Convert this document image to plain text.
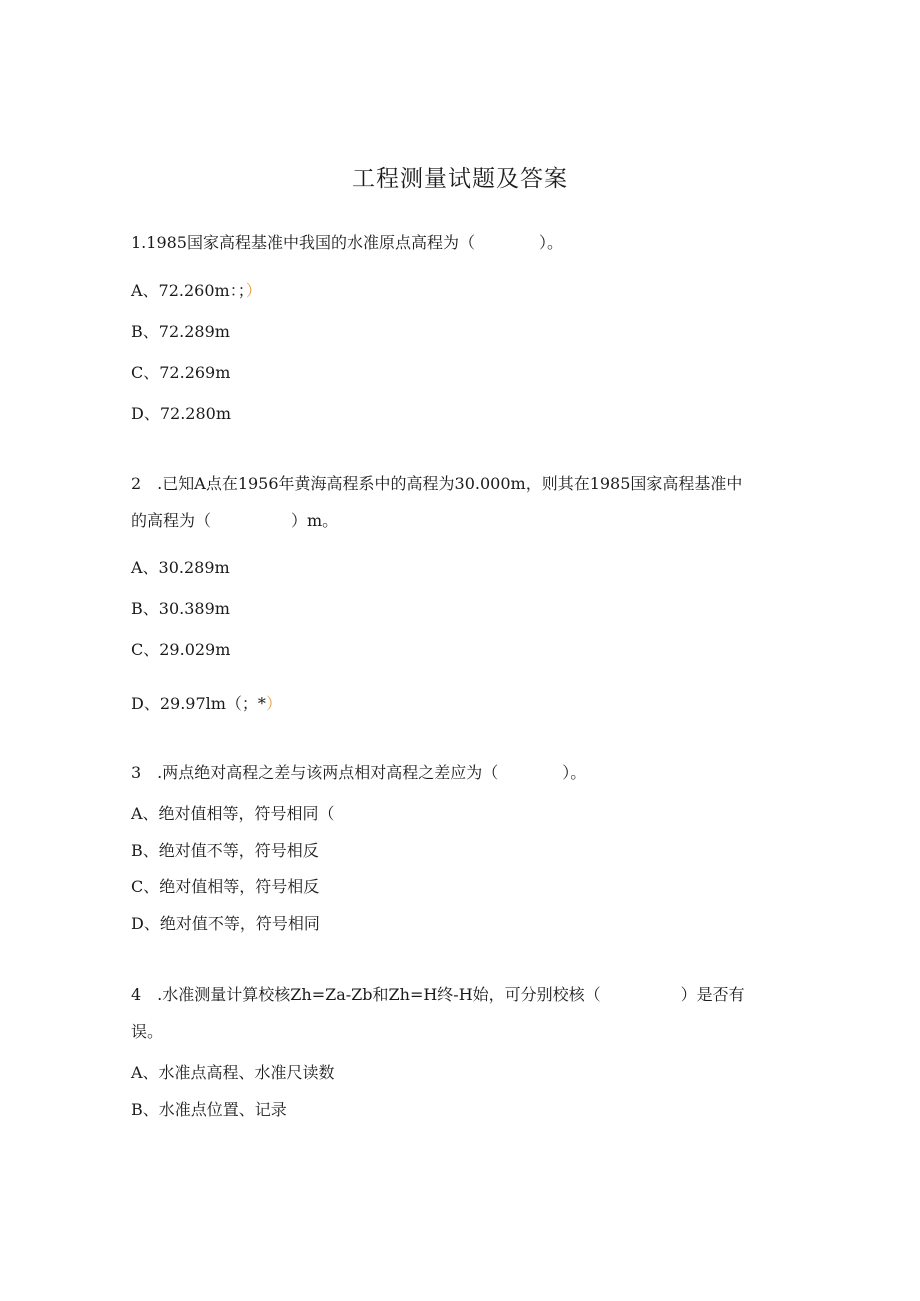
工程测量试题及答案
1.1985国家高程基准中我国的水准原点高程为（　　　　）。
A、72.260m：；）
B、72.289m
C、72.269m
D、72.280m
2　.已知A点在1956年黄海高程系中的高程为30.000m，则其在1985国家高程基准中
的高程为（　　　　　）m。
A、30.289m
B、30.389m
C、29.029m
D、29.97lm（；*）
3　.两点绝对高程之差与该两点相对高程之差应为（　　　　）。
A、绝对值相等，符号相同（
B、绝对值不等，符号相反
C、绝对值相等，符号相反
D、绝对值不等，符号相同
4　.水准测量计算校核Zh=Za-Zb和Zh=H终-H始，可分别校核（　　　　　）是否有
误。
A、水准点高程、水准尺读数
B、水准点位置、记录
